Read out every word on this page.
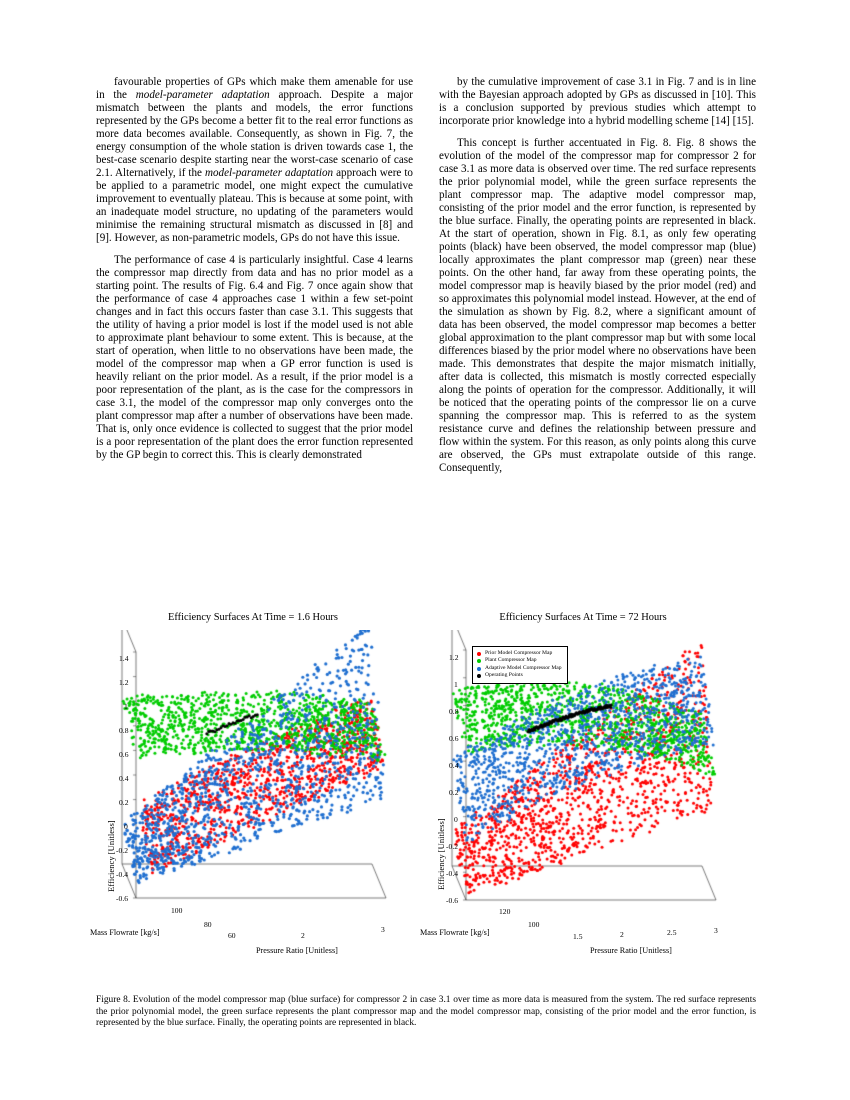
favourable properties of GPs which make them amenable for use in the model-parameter adaptation approach. Despite a major mismatch between the plants and models, the error functions represented by the GPs become a better fit to the real error functions as more data becomes available. Consequently, as shown in Fig. 7, the energy consumption of the whole station is driven towards case 1, the best-case scenario despite starting near the worst-case scenario of case 2.1. Alternatively, if the model-parameter adaptation approach were to be applied to a parametric model, one might expect the cumulative improvement to eventually plateau. This is because at some point, with an inadequate model structure, no updating of the parameters would minimise the remaining structural mismatch as discussed in [8] and [9]. However, as non-parametric models, GPs do not have this issue.

The performance of case 4 is particularly insightful. Case 4 learns the compressor map directly from data and has no prior model as a starting point. The results of Fig. 6.4 and Fig. 7 once again show that the performance of case 4 approaches case 1 within a few set-point changes and in fact this occurs faster than case 3.1. This suggests that the utility of having a prior model is lost if the model used is not able to approximate plant behaviour to some extent. This is because, at the start of operation, when little to no observations have been made, the model of the compressor map when a GP error function is used is heavily reliant on the prior model. As a result, if the prior model is a poor representation of the plant, as is the case for the compressors in case 3.1, the model of the compressor map only converges onto the plant compressor map after a number of observations have been made. That is, only once evidence is collected to suggest that the prior model is a poor representation of the plant does the error function represented by the GP begin to correct this. This is clearly demonstrated

by the cumulative improvement of case 3.1 in Fig. 7 and is in line with the Bayesian approach adopted by GPs as discussed in [10]. This is a conclusion supported by previous studies which attempt to incorporate prior knowledge into a hybrid modelling scheme [14] [15].

This concept is further accentuated in Fig. 8. Fig. 8 shows the evolution of the model of the compressor map for compressor 2 for case 3.1 as more data is observed over time. The red surface represents the prior polynomial model, while the green surface represents the plant compressor map. The adaptive model compressor map, consisting of the prior model and the error function, is represented by the blue surface. Finally, the operating points are represented in black. At the start of operation, shown in Fig. 8.1, as only few operating points (black) have been observed, the model compressor map (blue) locally approximates the plant compressor map (green) near these points. On the other hand, far away from these operating points, the model compressor map is heavily biased by the prior model (red) and so approximates this polynomial model instead. However, at the end of the simulation as shown by Fig. 8.2, where a significant amount of data has been observed, the model compressor map becomes a better global approximation to the plant compressor map but with some local differences biased by the prior model where no observations have been made. This demonstrates that despite the major mismatch initially, after data is collected, this mismatch is mostly corrected especially along the points of operation for the compressor. Additionally, it will be noticed that the operating points of the compressor lie on a curve spanning the compressor map. This is referred to as the system resistance curve and defines the relationship between pressure and flow within the system. For this reason, as only points along this curve are observed, the GPs must extrapolate outside of this range. Consequently,

Efficiency Surfaces At Time = 1.6 Hours
Efficiency [Unitless]
Mass Flowrate [kg/s]
Pressure Ratio [Unitless]
-0.6
-0.4
-0.2
0
0.2
0.4
0.6
0.8
1
1.2
1.4
80
100
60	2
3
Efficiency Surfaces At Time = 72 Hours
Efficiency [Unitless]
Mass Flowrate [kg/s]
Pressure Ratio [Unitless]
-0.6
-0.4
-0.2
0
0.2
0.4
0.6
0.8
1
1.2
120
100
1.5	2	2.5	3
Prior Model Compressor Map
Plant Compressor Map
Adaptive Model Compressor Map
Operating Points
Figure 8. Evolution of the model compressor map (blue surface) for compressor 2 in case 3.1 over time as more data is measured from the system. The red surface represents the prior polynomial model, the green surface represents the plant compressor map and the model compressor map, consisting of the prior model and the error function, is represented by the blue surface. Finally, the operating points are represented in black.
